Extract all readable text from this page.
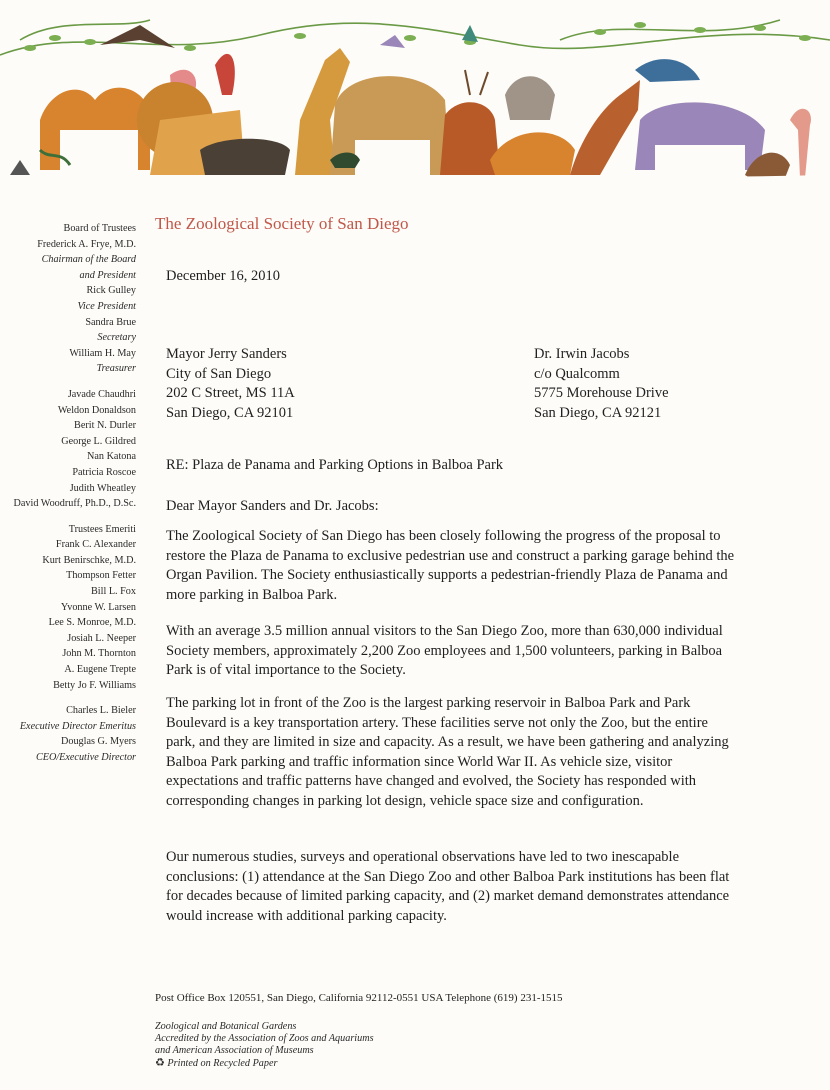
Board of Trustees
Frederick A. Frye, M.D.
Chairman of the Board
and President
Rick Gulley
Vice President
Sandra Brue
Secretary
William H. May
Treasurer
Javade Chaudhri
Weldon Donaldson
Berit N. Durler
George L. Gildred
Nan Katona
Patricia Roscoe
Judith Wheatley
David Woodruff, Ph.D., D.Sc.
Trustees Emeriti
Frank C. Alexander
Kurt Benirschke, M.D.
Thompson Fetter
Bill L. Fox
Yvonne W. Larsen
Lee S. Monroe, M.D.
Josiah L. Neeper
John M. Thornton
A. Eugene Trepte
Betty Jo F. Williams
Charles L. Bieler
Executive Director Emeritus
Douglas G. Myers
CEO/Executive Director
The Zoological Society of San Diego
December 16, 2010
Mayor Jerry Sanders
City of San Diego
202 C Street, MS 11A
San Diego, CA 92101
Dr. Irwin Jacobs
c/o Qualcomm
5775 Morehouse Drive
San Diego, CA 92121
RE: Plaza de Panama and Parking Options in Balboa Park
Dear Mayor Sanders and Dr. Jacobs:

The Zoological Society of San Diego has been closely following the progress of the proposal to restore the Plaza de Panama to exclusive pedestrian use and construct a parking garage behind the Organ Pavilion. The Society enthusiastically supports a pedestrian-friendly Plaza de Panama and more parking in Balboa Park.

With an average 3.5 million annual visitors to the San Diego Zoo, more than 630,000 individual Society members, approximately 2,200 Zoo employees and 1,500 volunteers, parking in Balboa Park is of vital importance to the Society.

The parking lot in front of the Zoo is the largest parking reservoir in Balboa Park and Park Boulevard is a key transportation artery. These facilities serve not only the Zoo, but the entire park, and they are limited in size and capacity. As a result, we have been gathering and analyzing Balboa Park parking and traffic information since World War II. As vehicle size, visitor expectations and traffic patterns have changed and evolved, the Society has responded with corresponding changes in parking lot design, vehicle space size and configuration.

Our numerous studies, surveys and operational observations have led to two inescapable conclusions: (1) attendance at the San Diego Zoo and other Balboa Park institutions has been flat for decades because of limited parking capacity, and (2) market demand demonstrates attendance would increase with additional parking capacity.

Post Office Box 120551, San Diego, California 92112-0551 USA Telephone (619) 231-1515
Zoological and Botanical Gardens
Accredited by the Association of Zoos and Aquariums
and American Association of Museums
♻ Printed on Recycled Paper
